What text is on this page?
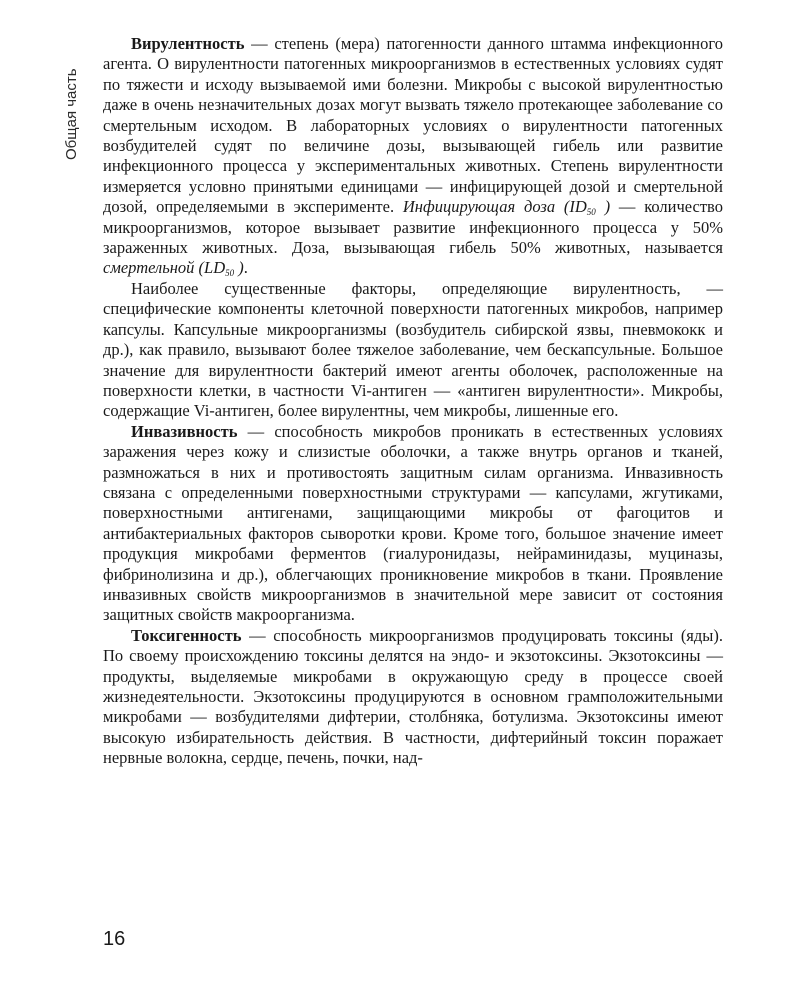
Общая часть

Вирулентность — степень (мера) патогенности данного штамма инфекционного агента. О вирулентности патогенных микроорганизмов в естественных условиях судят по тяжести и исходу вызываемой ими болезни. Микробы с высокой вирулентностью даже в очень незначительных дозах могут вызвать тяжело протекающее заболевание со смертельным исходом. В лабораторных условиях о вирулентности патогенных возбудителей судят по величине дозы, вызывающей гибель или развитие инфекционного процесса у экспериментальных животных. Степень вирулентности измеряется условно принятыми единицами — инфицирующей дозой и смертельной дозой, определяемыми в эксперименте. Инфицирующая доза ($ID_{50}$ ) — количество микроорганизмов, которое вызывает развитие инфекционного процесса у 50% зараженных животных. Доза, вызывающая гибель 50% животных, называется смертельной ($LD_{50}$ ).

Наиболее существенные факторы, определяющие вирулентность, — специфические компоненты клеточной поверхности патогенных микробов, например капсулы. Капсульные микроорганизмы (возбудитель сибирской язвы, пневмококк и др.), как правило, вызывают более тяжелое заболевание, чем бескапсульные. Большое значение для вирулентности бактерий имеют агенты оболочек, расположенные на поверхности клетки, в частности Vi-антиген — «антиген вирулентности». Микробы, содержащие Vi-антиген, более вирулентны, чем микробы, лишенные его.

Инвазивность — способность микробов проникать в естественных условиях заражения через кожу и слизистые оболочки, а также внутрь органов и тканей, размножаться в них и противостоять защитным силам организма. Инвазивность связана с определенными поверхностными структурами — капсулами, жгутиками, поверхностными антигенами, защищающими микробы от фагоцитов и антибактериальных факторов сыворотки крови. Кроме того, большое значение имеет продукция микробами ферментов (гиалуронидазы, нейраминидазы, муциназы, фибринолизина и др.), облегчающих проникновение микробов в ткани. Проявление инвазивных свойств микроорганизмов в значительной мере зависит от состояния защитных свойств макроорганизма.

Токсигенность — способность микроорганизмов продуцировать токсины (яды). По своему происхождению токсины делятся на эндо- и экзотоксины. Экзотоксины — продукты, выделяемые микробами в окружающую среду в процессе своей жизнедеятельности. Экзотоксины продуцируются в основном грамположительными микробами — возбудителями дифтерии, столбняка, ботулизма. Экзотоксины имеют высокую избирательность действия. В частности, дифтерийный токсин поражает нервные волокна, сердце, печень, почки, над-

16
